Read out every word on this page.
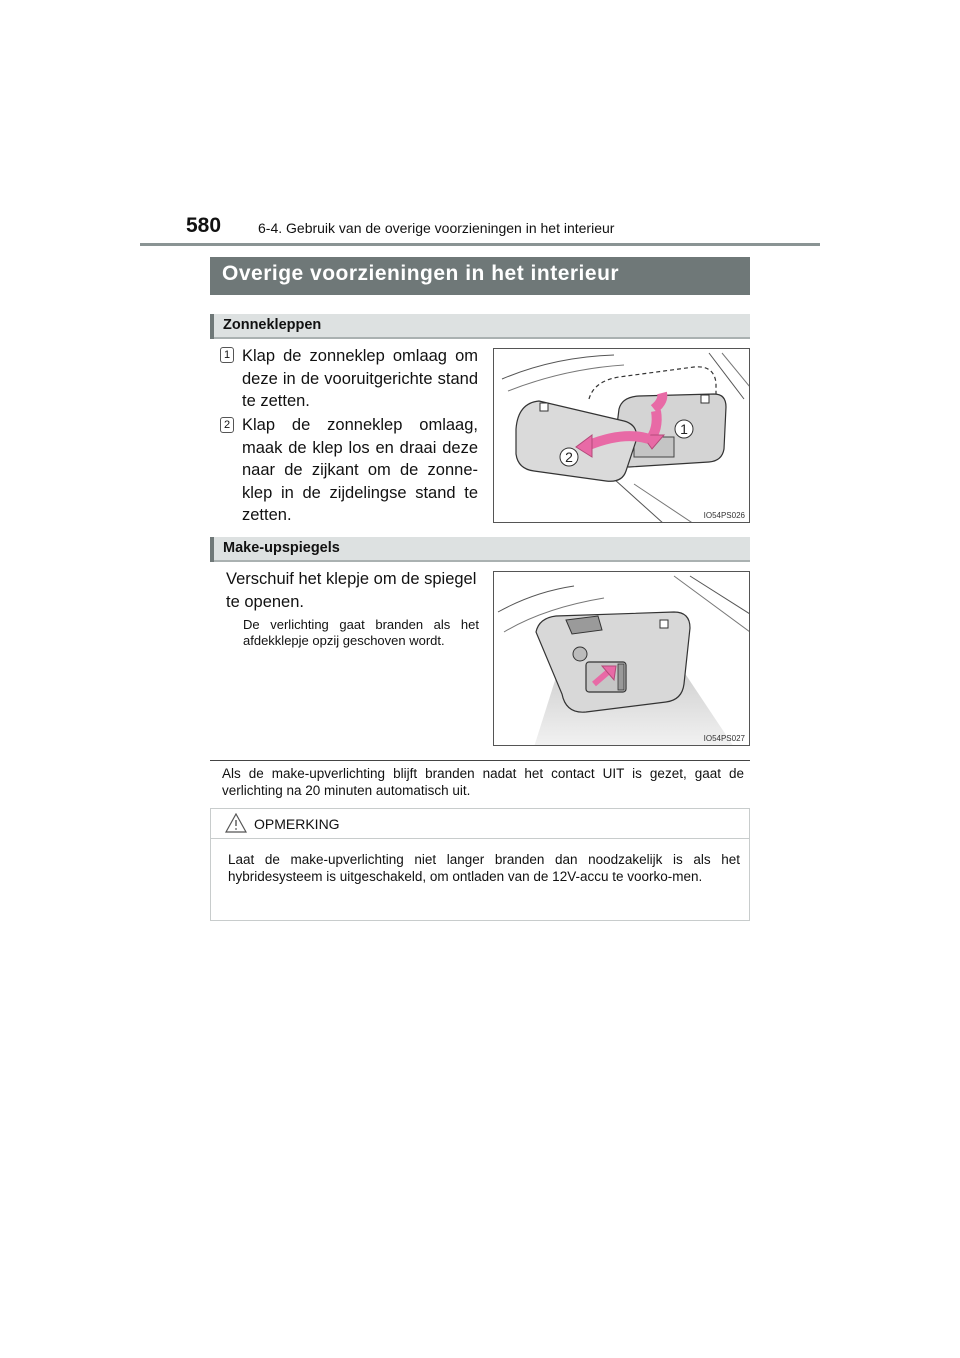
580	6-4. Gebruik van de overige voorzieningen in het interieur
Overige voorzieningen in het interieur
Zonnekleppen
1 Klap de zonneklep omlaag om deze in de vooruitgerichte stand te zetten.
2 Klap de zonneklep omlaag, maak de klep los en draai deze naar de zijkant om de zonne-klep in de zijdelingse stand te zetten.
1
2
IO54PS026
Make-upspiegels
Verschuif het klepje om de spiegel te openen.
De verlichting gaat branden als het afdekklepje opzij geschoven wordt.
IO54PS027
Als de make-upverlichting blijft branden nadat het contact UIT is gezet, gaat de verlichting na 20 minuten automatisch uit.
OPMERKING
Laat de make-upverlichting niet langer branden dan noodzakelijk is als het hybridesysteem is uitgeschakeld, om ontladen van de 12V-accu te voorko-men.
